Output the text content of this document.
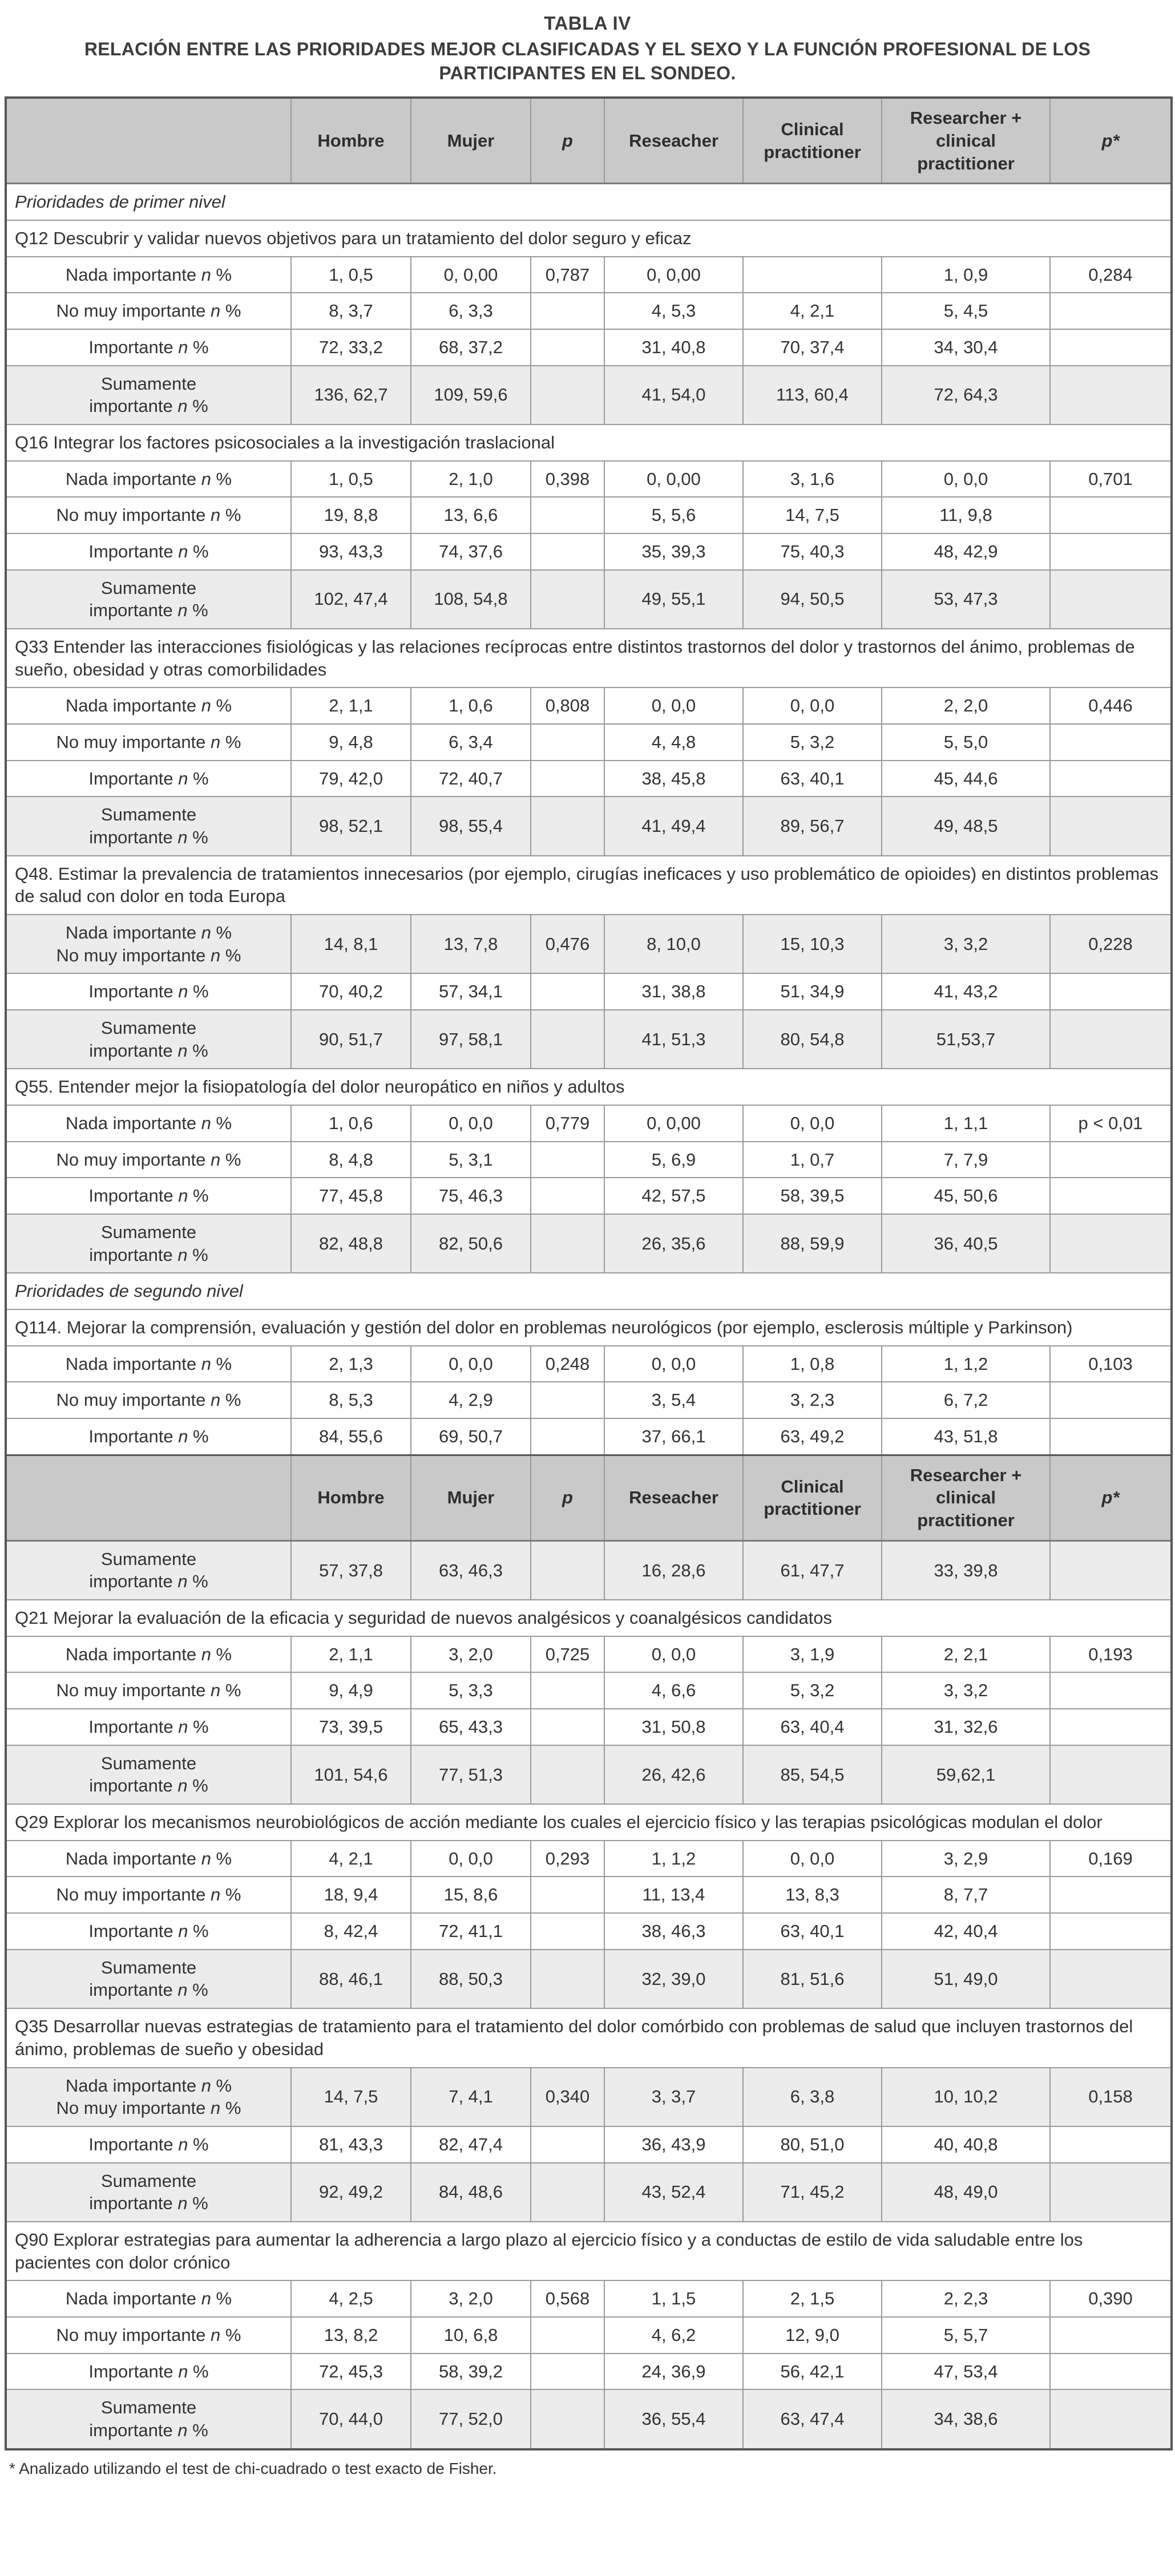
TABLA IV
RELACIÓN ENTRE LAS PRIORIDADES MEJOR CLASIFICADAS Y EL SEXO Y LA FUNCIÓN PROFESIONAL DE LOS PARTICIPANTES EN EL SONDEO.
	Hombre	Mujer	p	Reseacher	Clinical practitioner	Researcher + clinical practitioner	p*
Prioridades de primer nivel							
Q12 Descubrir y validar nuevos objetivos para un tratamiento del dolor seguro y eficaz							
Nada importante n %	1, 0,5	0, 0,00	0,787	0, 0,00		1, 0,9	0,284
No muy importante n %	8, 3,7	6, 3,3		4, 5,3	4, 2,1	5, 4,5	
Importante n %	72, 33,2	68, 37,2		31, 40,8	70, 37,4	34, 30,4	
Sumamente
importante n %	136, 62,7	109, 59,6		41, 54,0	113, 60,4	72, 64,3	
Q16 Integrar los factores psicosociales a la investigación traslacional							
Nada importante n %	1, 0,5	2, 1,0	0,398	0, 0,00	3, 1,6	0, 0,0	0,701
No muy importante n %	19, 8,8	13, 6,6		5, 5,6	14, 7,5	11, 9,8	
Importante n %	93, 43,3	74, 37,6		35, 39,3	75, 40,3	48, 42,9	
Sumamente
importante n %	102, 47,4	108, 54,8		49, 55,1	94, 50,5	53, 47,3	
Q33 Entender las interacciones fisiológicas y las relaciones recíprocas entre distintos trastornos del dolor y trastornos del ánimo, problemas de sueño, obesidad y otras comorbilidades							
Nada importante n %	2, 1,1	1, 0,6	0,808	0, 0,0	0, 0,0	2, 2,0	0,446
No muy importante n %	9, 4,8	6, 3,4		4, 4,8	5, 3,2	5, 5,0	
Importante n %	79, 42,0	72, 40,7		38, 45,8	63, 40,1	45, 44,6	
Sumamente
importante n %	98, 52,1	98, 55,4		41, 49,4	89, 56,7	49, 48,5	
Q48. Estimar la prevalencia de tratamientos innecesarios (por ejemplo, cirugías ineficaces y uso problemático de opioides) en distintos problemas de salud con dolor en toda Europa							
Nada importante n %
No muy importante n %	14, 8,1	13, 7,8	0,476	8, 10,0	15, 10,3	3, 3,2	0,228
Importante n %	70, 40,2	57, 34,1		31, 38,8	51, 34,9	41, 43,2	
Sumamente
importante n %	90, 51,7	97, 58,1		41, 51,3	80, 54,8	51,53,7	
Q55. Entender mejor la fisiopatología del dolor neuropático en niños y adultos							
Nada importante n %	1, 0,6	0, 0,0	0,779	0, 0,00	0, 0,0	1, 1,1	p < 0,01
No muy importante n %	8, 4,8	5, 3,1		5, 6,9	1, 0,7	7, 7,9	
Importante n %	77, 45,8	75, 46,3		42, 57,5	58, 39,5	45, 50,6	
Sumamente
importante n %	82, 48,8	82, 50,6		26, 35,6	88, 59,9	36, 40,5	
Prioridades de segundo nivel							
Q114. Mejorar la comprensión, evaluación y gestión del dolor en problemas neurológicos (por ejemplo, esclerosis múltiple y Parkinson)							
Nada importante n %	2, 1,3	0, 0,0	0,248	0, 0,0	1, 0,8	1, 1,2	0,103
No muy importante n %	8, 5,3	4, 2,9		3, 5,4	3, 2,3	6, 7,2	
Importante n %	84, 55,6	69, 50,7		37, 66,1	63, 49,2	43, 51,8	
	Hombre	Mujer	p	Reseacher	Clinical practitioner	Researcher + clinical practitioner	p*
Sumamente
importante n %	57, 37,8	63, 46,3		16, 28,6	61, 47,7	33, 39,8	
Q21 Mejorar la evaluación de la eficacia y seguridad de nuevos analgésicos y coanalgésicos candidatos							
Nada importante n %	2, 1,1	3, 2,0	0,725	0, 0,0	3, 1,9	2, 2,1	0,193
No muy importante n %	9, 4,9	5, 3,3		4, 6,6	5, 3,2	3, 3,2	
Importante n %	73, 39,5	65, 43,3		31, 50,8	63, 40,4	31, 32,6	
Sumamente
importante n %	101, 54,6	77, 51,3		26, 42,6	85, 54,5	59,62,1	
Q29 Explorar los mecanismos neurobiológicos de acción mediante los cuales el ejercicio físico y las terapias psicológicas modulan el dolor							
Nada importante n %	4, 2,1	0, 0,0	0,293	1, 1,2	0, 0,0	3, 2,9	0,169
No muy importante n %	18, 9,4	15, 8,6		11, 13,4	13, 8,3	8, 7,7	
Importante n %	8, 42,4	72, 41,1		38, 46,3	63, 40,1	42, 40,4	
Sumamente
importante n %	88, 46,1	88, 50,3		32, 39,0	81, 51,6	51, 49,0	
Q35 Desarrollar nuevas estrategias de tratamiento para el tratamiento del dolor comórbido con problemas de salud que incluyen trastornos del ánimo, problemas de sueño y obesidad							
Nada importante n %
No muy importante n %	14, 7,5	7, 4,1	0,340	3, 3,7	6, 3,8	10, 10,2	0,158
Importante n %	81, 43,3	82, 47,4		36, 43,9	80, 51,0	40, 40,8	
Sumamente
importante n %	92, 49,2	84, 48,6		43, 52,4	71, 45,2	48, 49,0	
Q90 Explorar estrategias para aumentar la adherencia a largo plazo al ejercicio físico y a conductas de estilo de vida saludable entre los pacientes con dolor crónico							
Nada importante n %	4, 2,5	3, 2,0	0,568	1, 1,5	2, 1,5	2, 2,3	0,390
No muy importante n %	13, 8,2	10, 6,8		4, 6,2	12, 9,0	5, 5,7	
Importante n %	72, 45,3	58, 39,2		24, 36,9	56, 42,1	47, 53,4	
Sumamente
importante n %	70, 44,0	77, 52,0		36, 55,4	63, 47,4	34, 38,6	
* Analizado utilizando el test de chi-cuadrado o test exacto de Fisher.
